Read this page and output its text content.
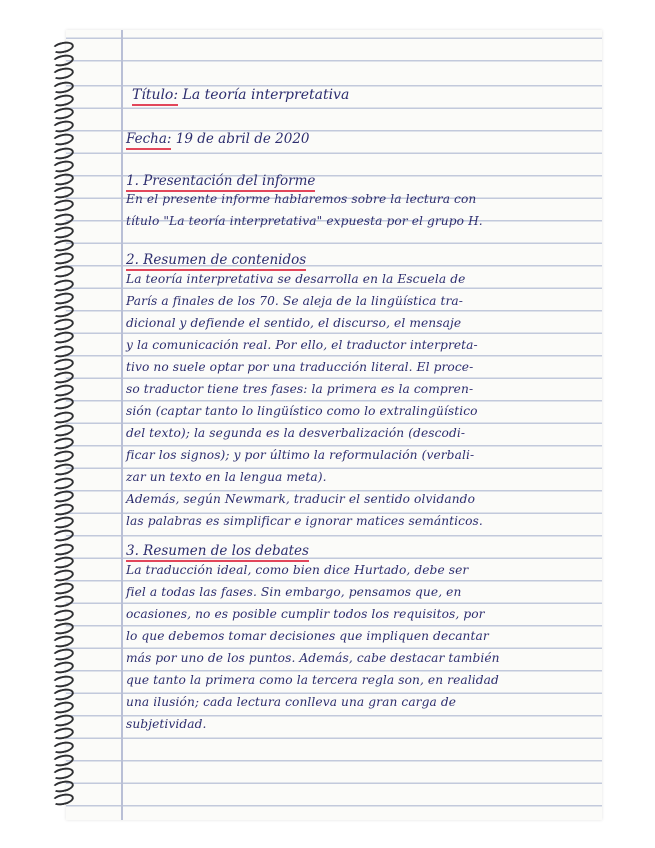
Título: La teoría interpretativa
Fecha: 19 de abril de 2020
1. Presentación del informe
En el presente informe hablaremos sobre la lectura con
título "La teoría interpretativa" expuesta por el grupo H.
2. Resumen de contenidos
La teoría interpretativa se desarrolla en la Escuela de
París a finales de los 70. Se aleja de la lingüística tra-
dicional y defiende el sentido, el discurso, el mensaje
y la comunicación real. Por ello, el traductor interpreta-
tivo no suele optar por una traducción literal. El proce-
so traductor tiene tres fases: la primera es la compren-
sión (captar tanto lo lingüístico como lo extralingüístico
del texto); la segunda es la desverbalización (descodi-
ficar los signos); y por último la reformulación (verbali-
zar un texto en la lengua meta).
Además, según Newmark, traducir el sentido olvidando
las palabras es simplificar e ignorar matices semánticos.
3. Resumen de los debates
La traducción ideal, como bien dice Hurtado, debe ser
fiel a todas las fases. Sin embargo, pensamos que, en
ocasiones, no es posible cumplir todos los requisitos, por
lo que debemos tomar decisiones que impliquen decantar
más por uno de los puntos. Además, cabe destacar también
que tanto la primera como la tercera regla son, en realidad
una ilusión; cada lectura conlleva una gran carga de
subjetividad.
